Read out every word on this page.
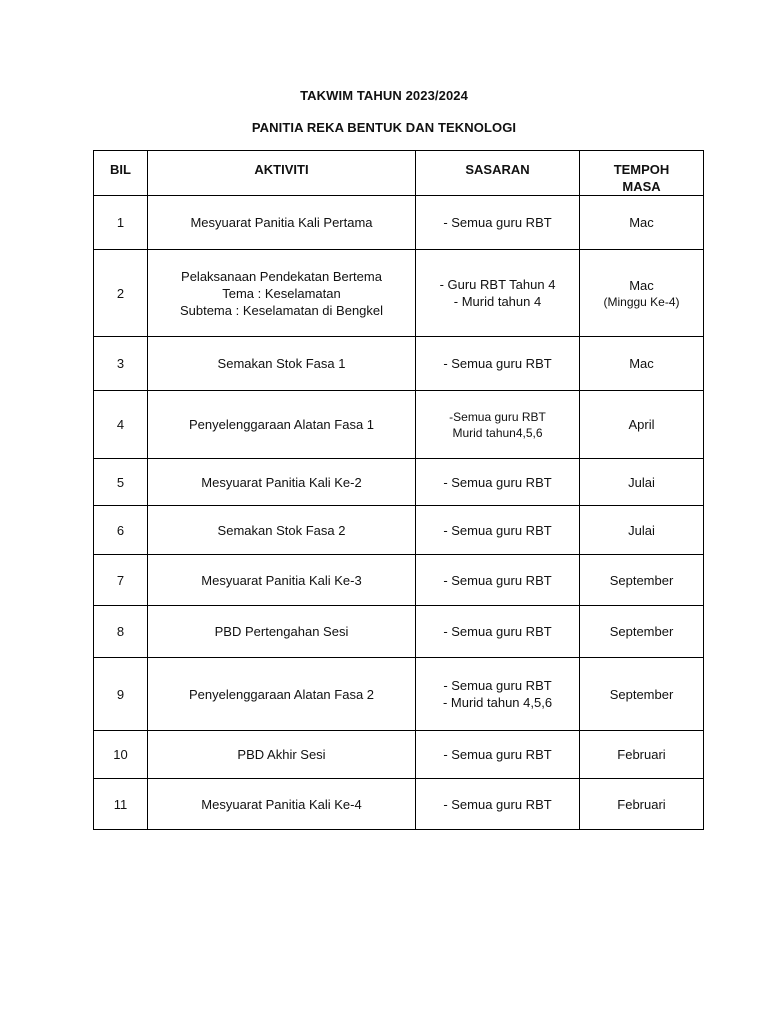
TAKWIM TAHUN 2023/2024
PANITIA REKA BENTUK DAN TEKNOLOGI
BIL	AKTIVITI	SASARAN	TEMPOH
MASA

1	Mesyuarat Panitia Kali Pertama	- Semua guru RBT	Mac

2	Pelaksanaan Pendekatan Bertema
Tema : Keselamatan
Subtema : Keselamatan di Bengkel	- Guru RBT Tahun 4
- Murid tahun 4	Mac
(Minggu Ke-4)

3	Semakan Stok Fasa 1	- Semua guru RBT	Mac

4	Penyelenggaraan Alatan Fasa 1	-Semua guru RBT
Murid tahun4,5,6	April

5	Mesyuarat Panitia Kali Ke-2	- Semua guru RBT	Julai

6	Semakan Stok Fasa 2	- Semua guru RBT	Julai

7	Mesyuarat Panitia Kali Ke-3	- Semua guru RBT	September

8	PBD Pertengahan Sesi	- Semua guru RBT	September

9	Penyelenggaraan Alatan Fasa 2	- Semua guru RBT
- Murid tahun 4,5,6	September

10	PBD Akhir Sesi	- Semua guru RBT	Februari

11	Mesyuarat Panitia Kali Ke-4	- Semua guru RBT	Februari
